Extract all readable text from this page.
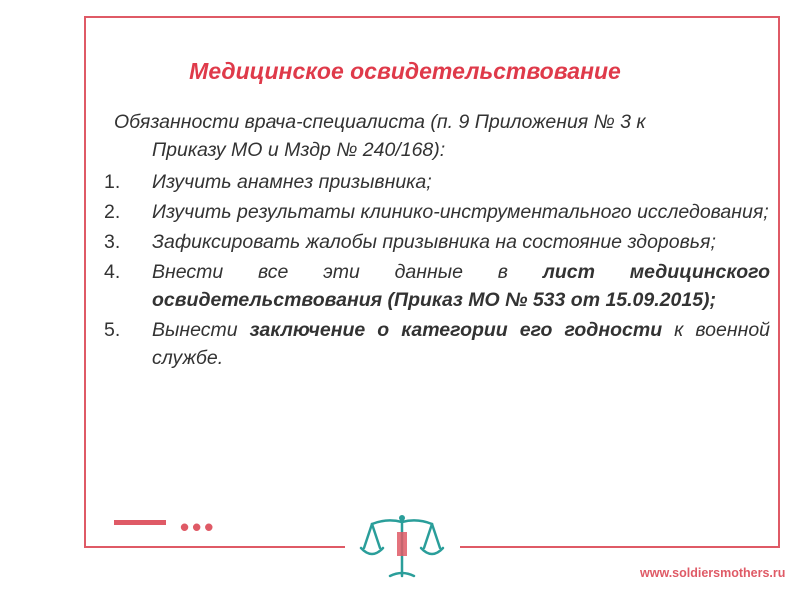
Медицинское освидетельствование
Обязанности врача-специалиста (п. 9 Приложения № 3 к
Приказу МО и Мздр № 240/168):
1.	Изучить анамнез призывника;
2.	Изучить результаты клинико-инструментального исследования;
3.	Зафиксировать жалобы призывника на состояние здоровья;
4.	Внести все эти данные в лист медицинского освидетельствования (Приказ МО № 533 от 15.09.2015);
5.	Вынести заключение о категории его годности к военной службе.
•••
www.soldiersmothers.ru
